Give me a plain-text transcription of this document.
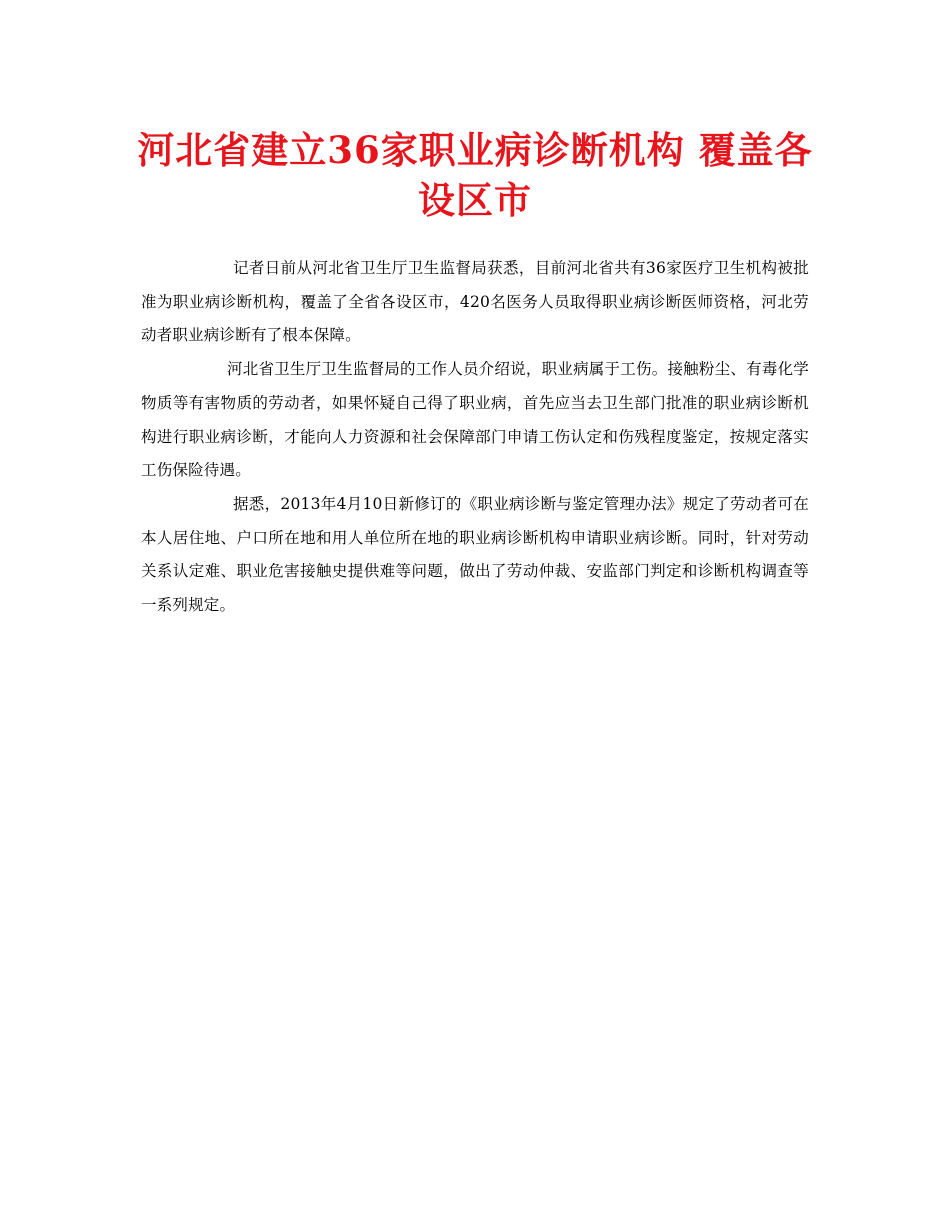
河北省建立36家职业病诊断机构 覆盖各设区市

记者日前从河北省卫生厅卫生监督局获悉，目前河北省共有36家医疗卫生机构被批准为职业病诊断机构，覆盖了全省各设区市，420名医务人员取得职业病诊断医师资格，河北劳动者职业病诊断有了根本保障。

河北省卫生厅卫生监督局的工作人员介绍说，职业病属于工伤。接触粉尘、有毒化学物质等有害物质的劳动者，如果怀疑自己得了职业病，首先应当去卫生部门批准的职业病诊断机构进行职业病诊断，才能向人力资源和社会保障部门申请工伤认定和伤残程度鉴定，按规定落实工伤保险待遇。

据悉，2013年4月10日新修订的《职业病诊断与鉴定管理办法》规定了劳动者可在本人居住地、户口所在地和用人单位所在地的职业病诊断机构申请职业病诊断。同时，针对劳动关系认定难、职业危害接触史提供难等问题，做出了劳动仲裁、安监部门判定和诊断机构调查等一系列规定。
